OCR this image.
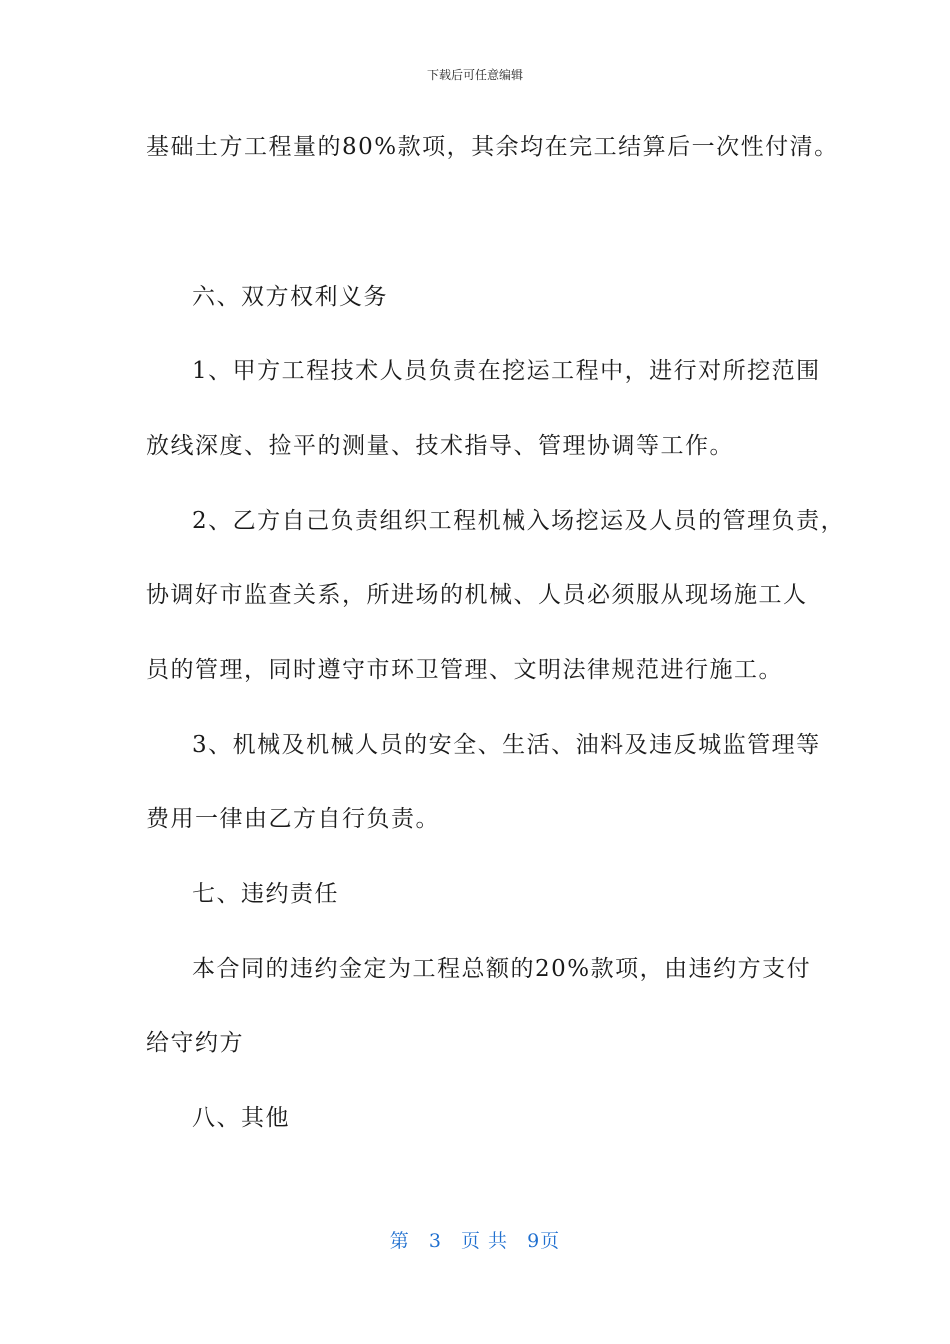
下载后可任意编辑
基础土方工程量的80%款项，其余均在完工结算后一次性付清。
六、双方权利义务
1、甲方工程技术人员负责在挖运工程中，进行对所挖范围
放线深度、捡平的测量、技术指导、管理协调等工作。
2、乙方自己负责组织工程机械入场挖运及人员的管理负责，
协调好市监查关系，所进场的机械、人员必须服从现场施工人
员的管理，同时遵守市环卫管理、文明法律规范进行施工。
3、机械及机械人员的安全、生活、油料及违反城监管理等
费用一律由乙方自行负责。
七、违约责任
本合同的违约金定为工程总额的20%款项，由违约方支付
给守约方
八、其他
第 3 页 共 9页
